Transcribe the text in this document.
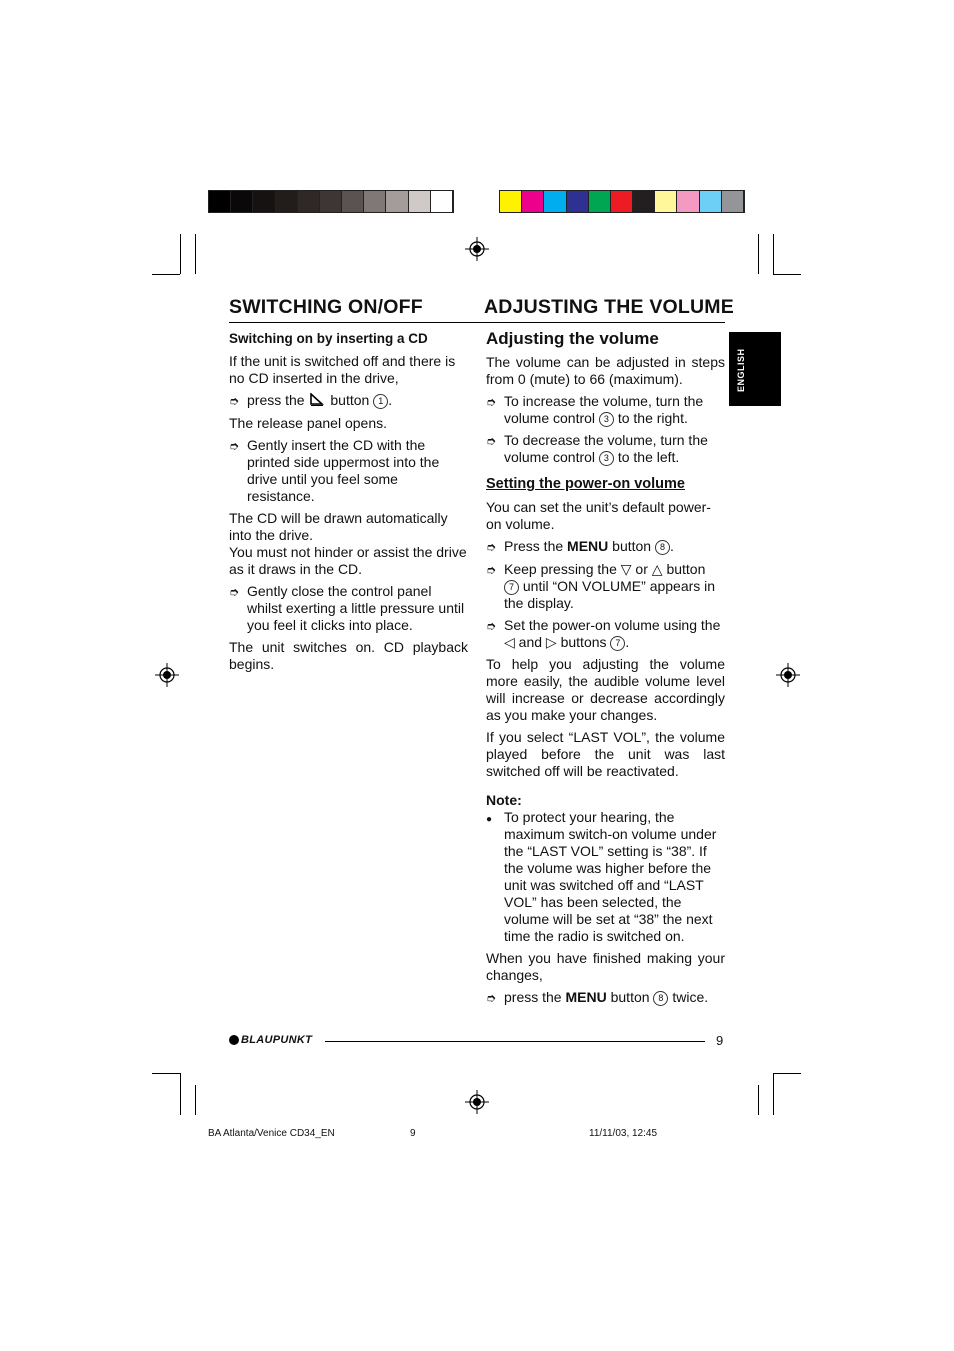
SWITCHING ON/OFF	ADJUSTING THE VOLUME

Switching on by inserting a CD

If the unit is switched off and there is no CD inserted in the drive,

➮ press the button 1 .

The release panel opens.

➮ Gently insert the CD with the printed side uppermost into the drive until you feel some resistance.

The CD will be drawn automatically into the drive.

You must not hinder or assist the drive as it draws in the CD.

➮ Gently close the control panel whilst exerting a little pressure until you feel it clicks into place.

The unit switches on. CD playback begins.

Adjusting the volume

The volume can be adjusted in steps from 0 (mute) to 66 (maximum).

➮ To increase the volume, turn the volume control 3 to the right.
➮ To decrease the volume, turn the volume control 3 to the left.

Setting the power-on volume

You can set the unit’s default power-on volume.

➮ Press the MENU button 8 .
➮ Keep pressing the ▽ or △ button
7 until “ON VOLUME” appears in the display.
➮ Set the power-on volume using the ◁ and ▷ buttons 7 .

To help you adjusting the volume more easily, the audible volume level will increase or decrease accordingly as you make your changes.

If you select “LAST VOL”, the volume played before the unit was last switched off will be reactivated.

Note:

● To protect your hearing, the maximum switch-on volume under the “LAST VOL” setting is “38”. If the volume was higher before the unit was switched off and “LAST VOL” has been selected, the volume will be set at “38” the next time the radio is switched on.

When you have finished making your changes,

➮ press the MENU button 8 twice.
ENGLISH
BLAUPUNKT	9
BA Atlanta/Venice CD34_EN	9	11/11/03, 12:45
